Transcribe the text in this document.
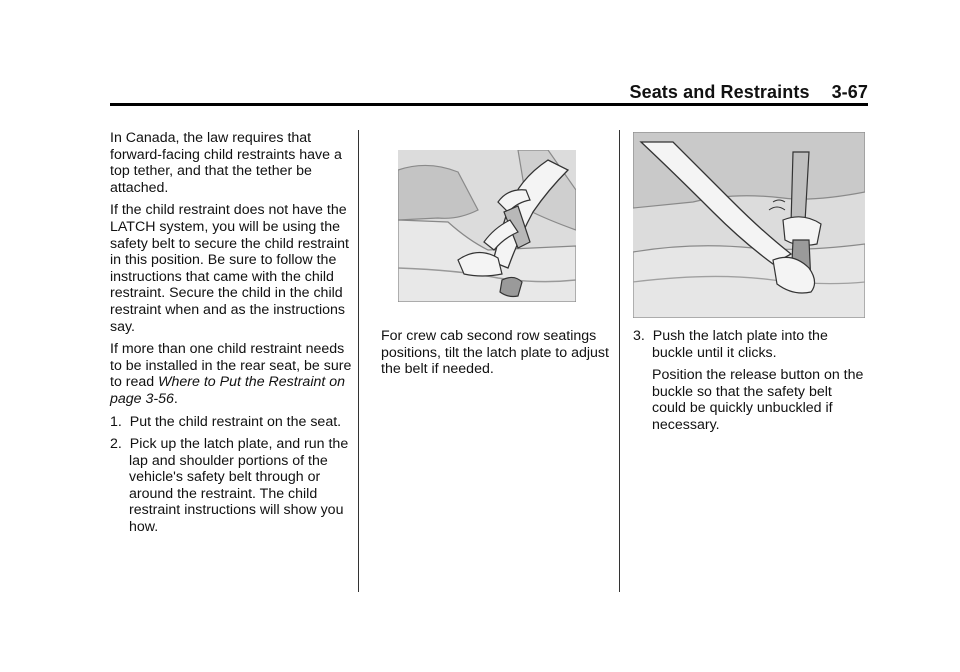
Seats and Restraints 3-67

In Canada, the law requires that forward-facing child restraints have a top tether, and that the tether be attached.

If the child restraint does not have the LATCH system, you will be using the safety belt to secure the child restraint in this position. Be sure to follow the instructions that came with the child restraint. Secure the child in the child restraint when and as the instructions say.

If more than one child restraint needs to be installed in the rear seat, be sure to read Where to Put the Restraint on page 3-56.

1. Put the child restraint on the seat.
2. Pick up the latch plate, and run the lap and shoulder portions of the vehicle's safety belt through or around the restraint. The child restraint instructions will show you how.

For crew cab second row seatings positions, tilt the latch plate to adjust the belt if needed.

3. Push the latch plate into the buckle until it clicks.
Position the release button on the buckle so that the safety belt could be quickly unbuckled if necessary.
